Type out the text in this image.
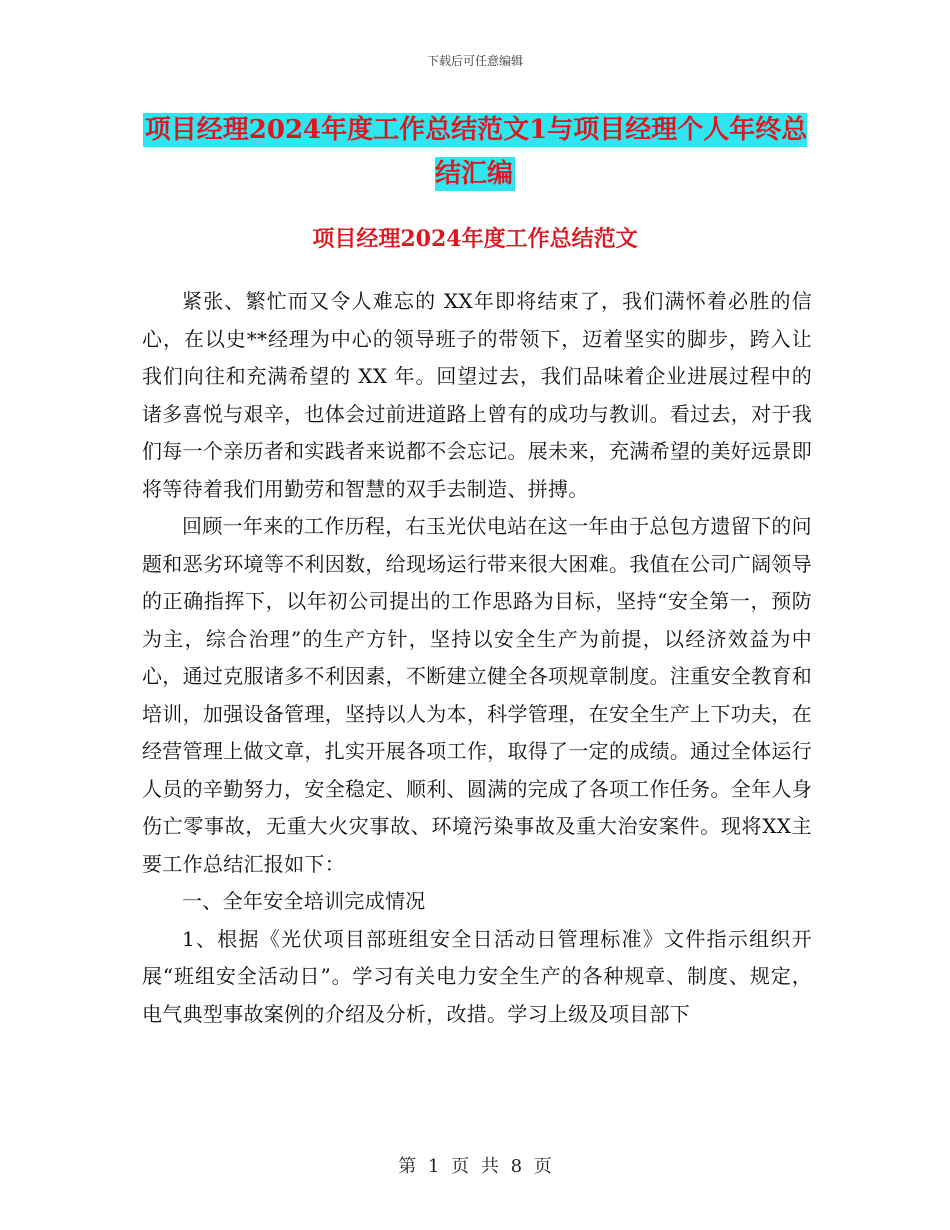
下载后可任意编辑
项目经理2024年度工作总结范文1与项目经理个人年终总结汇编
项目经理2024年度工作总结范文

紧张、繁忙而又令人难忘的 XX年即将结束了，我们满怀着必胜的信心，在以史**经理为中心的领导班子的带领下，迈着坚实的脚步，跨入让我们向往和充满希望的 XX 年。回望过去，我们品味着企业进展过程中的诸多喜悦与艰辛，也体会过前进道路上曾有的成功与教训。看过去，对于我们每一个亲历者和实践者来说都不会忘记。展未来，充满希望的美好远景即将等待着我们用勤劳和智慧的双手去制造、拼搏。

回顾一年来的工作历程，右玉光伏电站在这一年由于总包方遗留下的问题和恶劣环境等不利因数，给现场运行带来很大困难。我值在公司广阔领导的正确指挥下，以年初公司提出的工作思路为目标，坚持“安全第一，预防为主，综合治理”的生产方针，坚持以安全生产为前提，以经济效益为中心，通过克服诸多不利因素，不断建立健全各项规章制度。注重安全教育和培训，加强设备管理，坚持以人为本，科学管理，在安全生产上下功夫，在经营管理上做文章，扎实开展各项工作，取得了一定的成绩。通过全体运行人员的辛勤努力，安全稳定、顺利、圆满的完成了各项工作任务。全年人身伤亡零事故，无重大火灾事故、环境污染事故及重大治安案件。现将XX主要工作总结汇报如下：

一、全年安全培训完成情况

1、根据《光伏项目部班组安全日活动日管理标准》文件指示组织开展“班组安全活动日”。学习有关电力安全生产的各种规章、制度、规定，电气典型事故案例的介绍及分析，改措。学习上级及项目部下

第 1 页 共 8 页
